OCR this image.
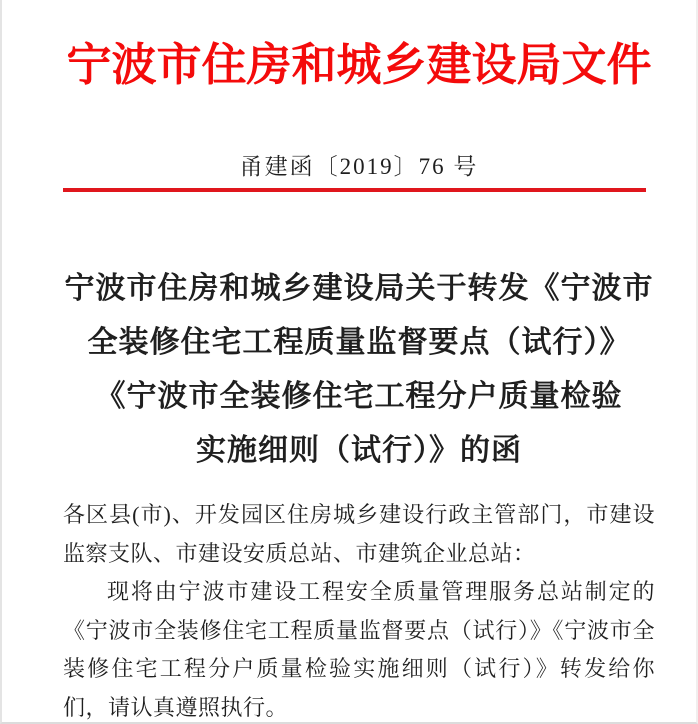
宁波市住房和城乡建设局文件
甬建函〔2019〕76 号
宁波市住房和城乡建设局关于转发《宁波市
全装修住宅工程质量监督要点（试行）》
《宁波市全装修住宅工程分户质量检验
实施细则（试行）》的函

各区县(市)、开发园区住房城乡建设行政主管部门，市建设监察支队、市建设安质总站、市建筑企业总站：

现将由宁波市建设工程安全质量管理服务总站制定的《宁波市全装修住宅工程质量监督要点（试行）》《宁波市全装修住宅工程分户质量检验实施细则（试行）》转发给你们，请认真遵照执行。
